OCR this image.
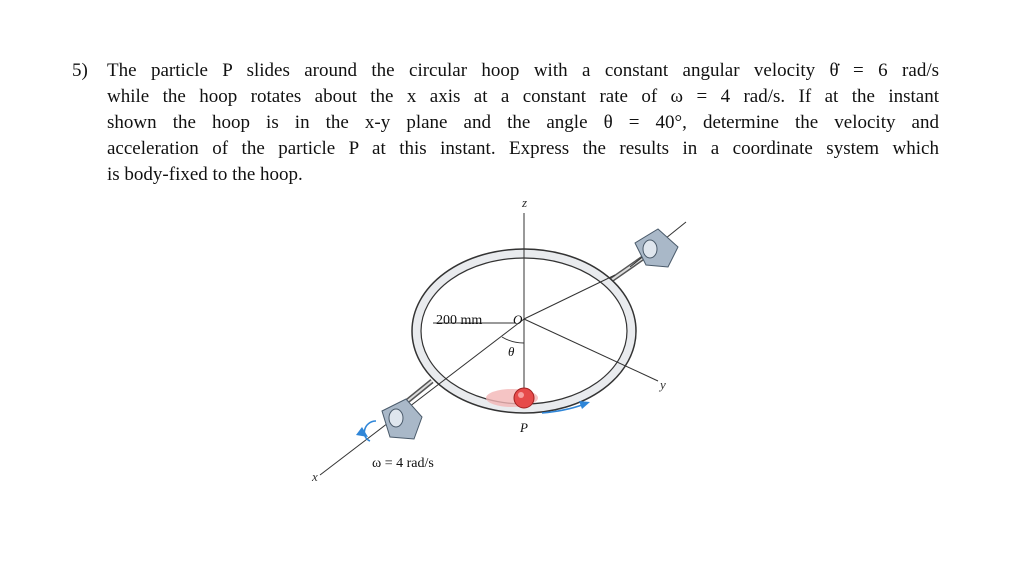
5) The particle P slides around the circular hoop with a constant angular velocity θ̇ = 6 rad/s
while the hoop rotates about the x axis at a constant rate of ω = 4 rad/s. If at the instant
shown the hoop is in the x-y plane and the angle θ = 40°, determine the velocity and
acceleration of the particle P at this instant. Express the results in a coordinate system which
is body-fixed to the hoop.
z
y
200 mm O
θ
x
ω = 4 rad/s
P
